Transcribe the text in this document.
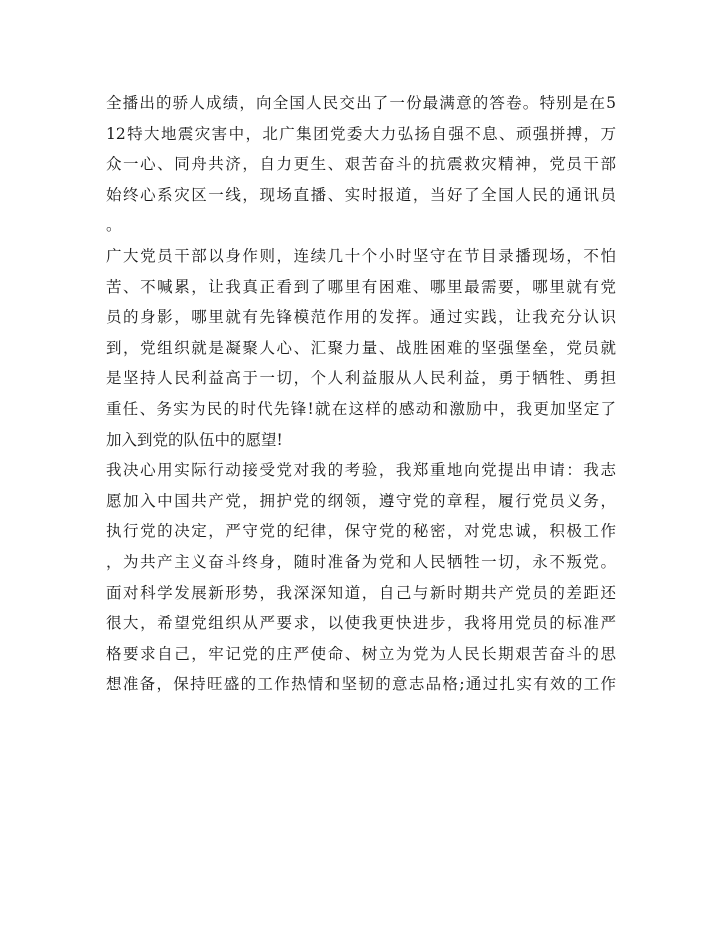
全播出的骄人成绩，向全国人民交出了一份最满意的答卷。特别是在5
12特大地震灾害中，北广集团党委大力弘扬自强不息、顽强拼搏，万
众一心、同舟共济，自力更生、艰苦奋斗的抗震救灾精神，党员干部
始终心系灾区一线，现场直播、实时报道，当好了全国人民的通讯员
。
广大党员干部以身作则，连续几十个小时坚守在节目录播现场，不怕
苦、不喊累，让我真正看到了哪里有困难、哪里最需要，哪里就有党
员的身影，哪里就有先锋模范作用的发挥。通过实践，让我充分认识
到，党组织就是凝聚人心、汇聚力量、战胜困难的坚强堡垒，党员就
是坚持人民利益高于一切，个人利益服从人民利益，勇于牺牲、勇担
重任、务实为民的时代先锋!就在这样的感动和激励中，我更加坚定了
加入到党的队伍中的愿望!
我决心用实际行动接受党对我的考验，我郑重地向党提出申请：我志
愿加入中国共产党，拥护党的纲领，遵守党的章程，履行党员义务，
执行党的决定，严守党的纪律，保守党的秘密，对党忠诚，积极工作
，为共产主义奋斗终身，随时准备为党和人民牺牲一切，永不叛党。
面对科学发展新形势，我深深知道，自己与新时期共产党员的差距还
很大，希望党组织从严要求，以使我更快进步，我将用党员的标准严
格要求自己，牢记党的庄严使命、树立为党为人民长期艰苦奋斗的思
想准备，保持旺盛的工作热情和坚韧的意志品格;通过扎实有效的工作
